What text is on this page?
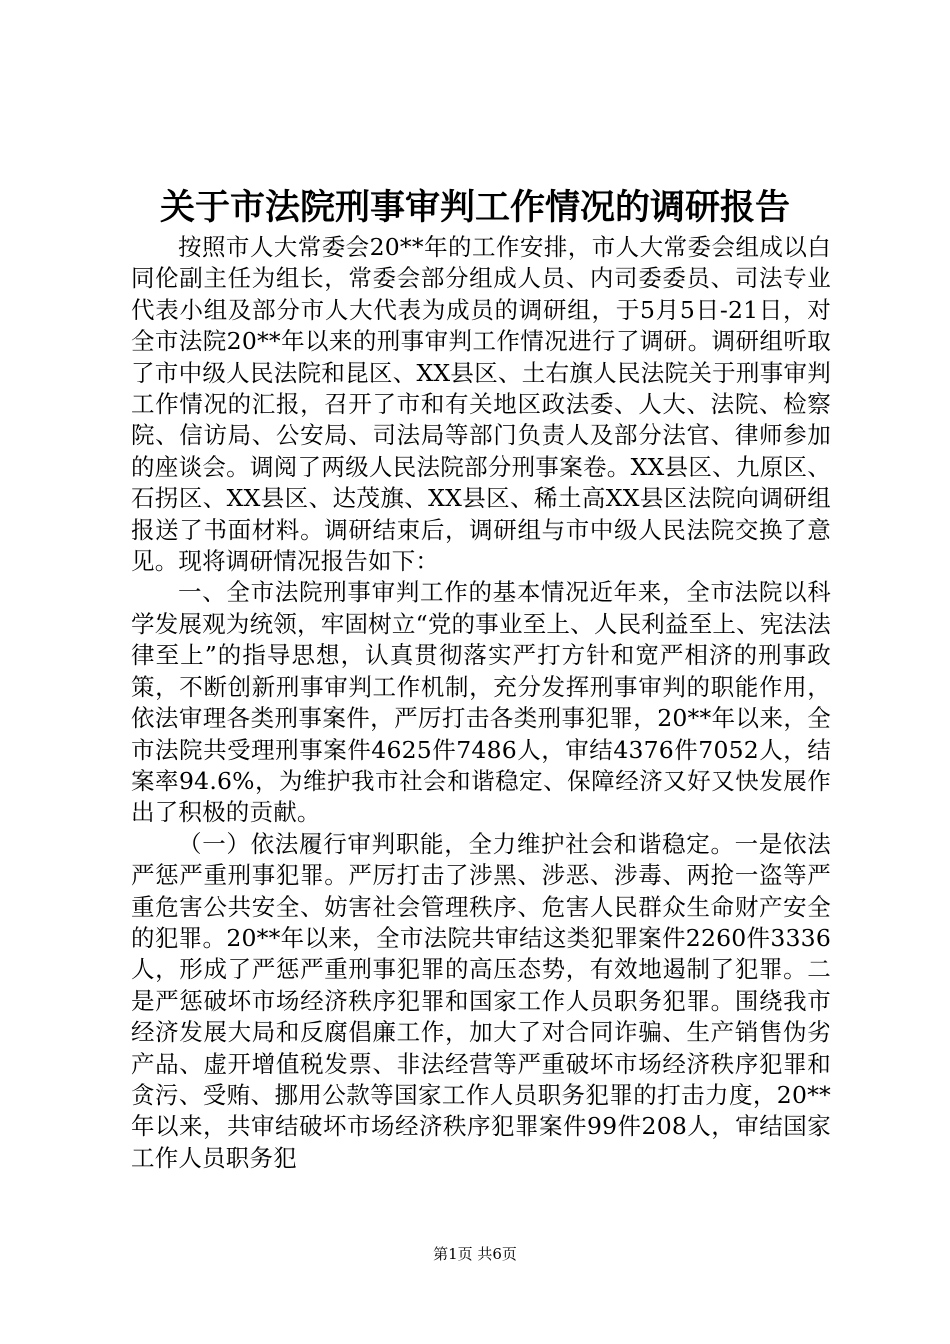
关于市法院刑事审判工作情况的调研报告

按照市人大常委会20**年的工作安排，市人大常委会组成以白同伦副主任为组长，常委会部分组成人员、内司委委员、司法专业代表小组及部分市人大代表为成员的调研组，于5月5日-21日，对全市法院20**年以来的刑事审判工作情况进行了调研。调研组听取了市中级人民法院和昆区、XX县区、土右旗人民法院关于刑事审判工作情况的汇报，召开了市和有关地区政法委、人大、法院、检察院、信访局、公安局、司法局等部门负责人及部分法官、律师参加的座谈会。调阅了两级人民法院部分刑事案卷。XX县区、九原区、石拐区、XX县区、达茂旗、XX县区、稀土高XX县区法院向调研组报送了书面材料。调研结束后，调研组与市中级人民法院交换了意见。现将调研情况报告如下：

一、全市法院刑事审判工作的基本情况近年来，全市法院以科学发展观为统领，牢固树立“党的事业至上、人民利益至上、宪法法律至上”的指导思想，认真贯彻落实严打方针和宽严相济的刑事政策，不断创新刑事审判工作机制，充分发挥刑事审判的职能作用，依法审理各类刑事案件，严厉打击各类刑事犯罪，20**年以来，全市法院共受理刑事案件4625件7486人，审结4376件7052人，结案率94.6%，为维护我市社会和谐稳定、保障经济又好又快发展作出了积极的贡献。

（一）依法履行审判职能，全力维护社会和谐稳定。一是依法严惩严重刑事犯罪。严厉打击了涉黑、涉恶、涉毒、两抢一盗等严重危害公共安全、妨害社会管理秩序、危害人民群众生命财产安全的犯罪。20**年以来，全市法院共审结这类犯罪案件2260件3336人，形成了严惩严重刑事犯罪的高压态势，有效地遏制了犯罪。二是严惩破坏市场经济秩序犯罪和国家工作人员职务犯罪。围绕我市经济发展大局和反腐倡廉工作，加大了对合同诈骗、生产销售伪劣产品、虚开增值税发票、非法经营等严重破坏市场经济秩序犯罪和贪污、受贿、挪用公款等国家工作人员职务犯罪的打击力度，20**年以来，共审结破坏市场经济秩序犯罪案件99件208人，审结国家工作人员职务犯

第1页 共6页
